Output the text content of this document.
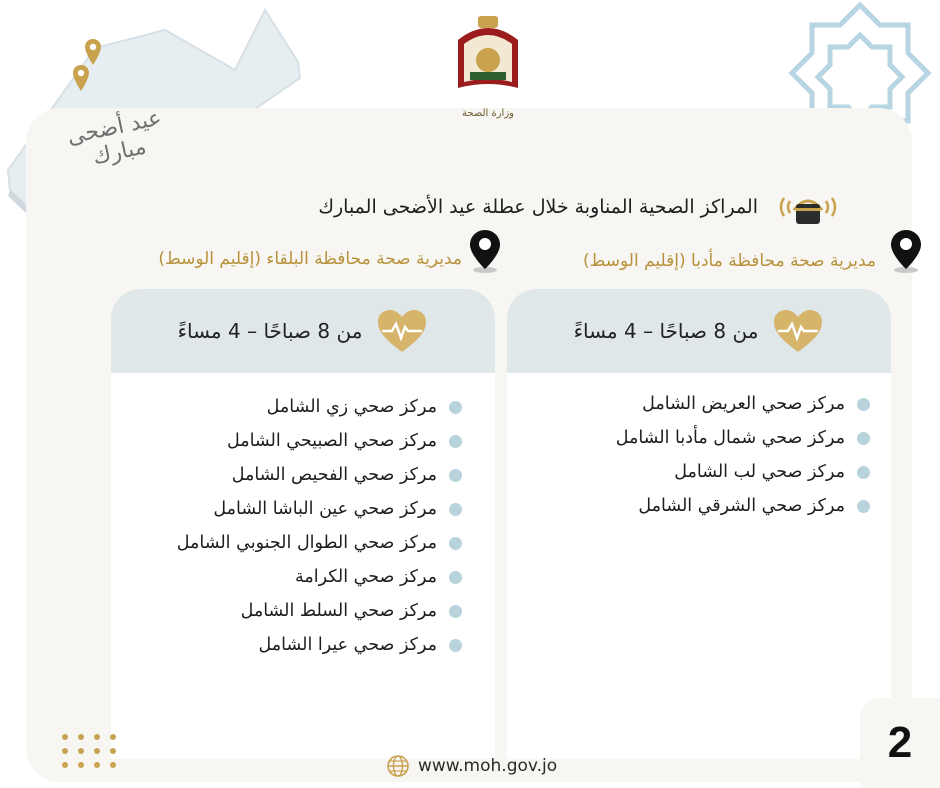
وزارة الصحة
عيد أضحى مبارك
المراكز الصحية المناوبة خلال عطلة عيد الأضحى المبارك
مديرية صحة محافظة مأدبا (إقليم الوسط)
مديرية صحة محافظة البلقاء (إقليم الوسط)
من 8 صباحًا – 4 مساءً
مركز صحي زي الشامل
مركز صحي الصبيحي الشامل
مركز صحي الفحيص الشامل
مركز صحي عين الباشا الشامل
مركز صحي الطوال الجنوبي الشامل
مركز صحي الكرامة
مركز صحي السلط الشامل
مركز صحي عيرا الشامل
من 8 صباحًا – 4 مساءً
مركز صحي العريض الشامل
مركز صحي شمال مأدبا الشامل
مركز صحي لب الشامل
مركز صحي الشرقي الشامل
www.moh.gov.jo	2
